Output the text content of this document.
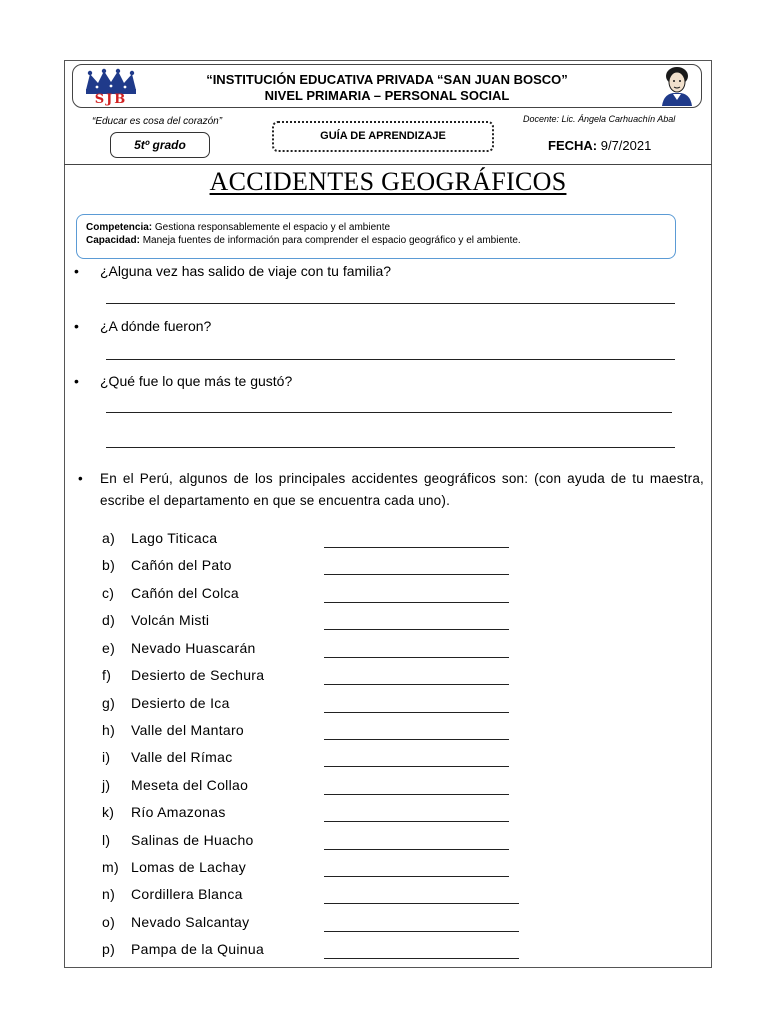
SJB
“INSTITUCIÓN EDUCATIVA PRIVADA “SAN JUAN BOSCO”
NIVEL PRIMARIA – PERSONAL SOCIAL
“Educar es cosa del corazón”
5tº grado
GUÍA DE APRENDIZAJE
Docente: Lic. Ángela Carhuachín Abal
FECHA: 9/7/2021
ACCIDENTES GEOGRÁFICOS
Competencia: Gestiona responsablemente el espacio y el ambiente
Capacidad: Maneja fuentes de información para comprender el espacio geográfico y el ambiente.
• ¿Alguna vez has salido de viaje con tu familia?
• ¿A dónde fueron?
• ¿Qué fue lo que más te gustó?
• En el Perú, algunos de los principales accidentes geográficos son: (con ayuda de tu maestra, escribe el departamento en que se encuentra cada uno).
a) Lago Titicaca
b) Cañón del Pato
c) Cañón del Colca
d) Volcán Misti
e) Nevado Huascarán
f) Desierto de Sechura
g) Desierto de Ica
h) Valle del Mantaro
i) Valle del Rímac
j) Meseta del Collao
k) Río Amazonas
l) Salinas de Huacho
m) Lomas de Lachay
n) Cordillera Blanca
o) Nevado Salcantay
p) Pampa de la Quinua
